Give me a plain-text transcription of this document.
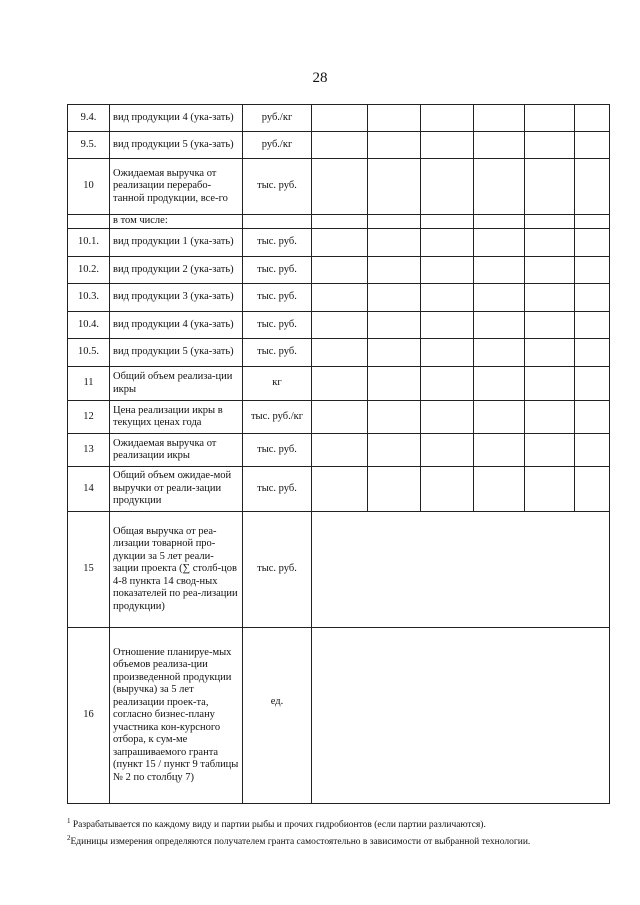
28
9.4.	вид продукции 4 (ука-зать)	руб./кг						
9.5.	вид продукции 5 (ука-зать)	руб./кг						
10	Ожидаемая выручка от реализации перерабо-танной продукции, все-го	тыс. руб.						
	в том числе:							
10.1.	вид продукции 1 (ука-зать)	тыс. руб.						
10.2.	вид продукции 2 (ука-зать)	тыс. руб.						
10.3.	вид продукции 3 (ука-зать)	тыс. руб.						
10.4.	вид продукции 4 (ука-зать)	тыс. руб.						
10.5.	вид продукции 5 (ука-зать)	тыс. руб.						
11	Общий объем реализа-ции икры	кг						
12	Цена реализации икры в текущих ценах года	тыс. руб./кг						
13	Ожидаемая выручка от реализации икры	тыс. руб.						
14	Общий объем ожидае-мой выручки от реали-зации продукции	тыс. руб.						
15	Общая выручка от реа-лизации товарной про-дукции за 5 лет реали-зации проекта (∑ столб-цов 4-8 пункта 14 свод-ных показателей по реа-лизации продукции)	тыс. руб.						
16	Отношение планируе-мых объемов реализа-ции произведенной продукции (выручка) за 5 лет реализации проек-та, согласно бизнес-плану участника кон-курсного отбора, к сум-ме запрашиваемого гранта (пункт 15 / пункт 9 таблицы № 2 по столбцу 7)	ед.						
$^1$ Разрабатывается по каждому виду и партии рыбы и прочих гидробионтов (если партии различаются).
$^2$Единицы измерения определяются получателем гранта самостоятельно в зависимости от выбранной технологии.
